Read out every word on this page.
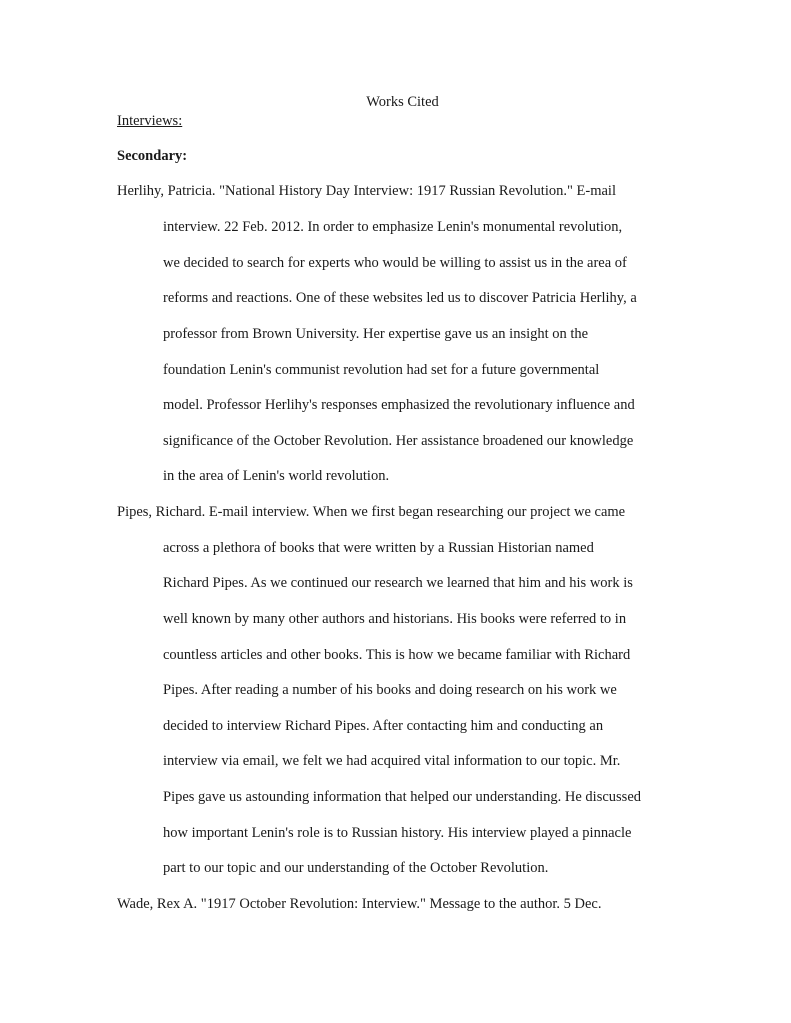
Works Cited
Interviews:
Secondary:
Herlihy, Patricia. "National History Day Interview: 1917 Russian Revolution." E-mail
interview. 22 Feb. 2012. In order to emphasize Lenin's monumental revolution,
we decided to search for experts who would be willing to assist us in the area of
reforms and reactions. One of these websites led us to discover Patricia Herlihy, a
professor from Brown University. Her expertise gave us an insight on the
foundation Lenin's communist revolution had set for a future governmental
model. Professor Herlihy's responses emphasized the revolutionary influence and
significance of the October Revolution. Her assistance broadened our knowledge
in the area of Lenin's world revolution.
Pipes, Richard. E-mail interview. When we first began researching our project we came
across a plethora of books that were written by a Russian Historian named
Richard Pipes. As we continued our research we learned that him and his work is
well known by many other authors and historians. His books were referred to in
countless articles and other books. This is how we became familiar with Richard
Pipes. After reading a number of his books and doing research on his work we
decided to interview Richard Pipes. After contacting him and conducting an
interview via email, we felt we had acquired vital information to our topic. Mr.
Pipes gave us astounding information that helped our understanding. He discussed
how important Lenin's role is to Russian history. His interview played a pinnacle
part to our topic and our understanding of the October Revolution.
Wade, Rex A. "1917 October Revolution: Interview." Message to the author. 5 Dec.
